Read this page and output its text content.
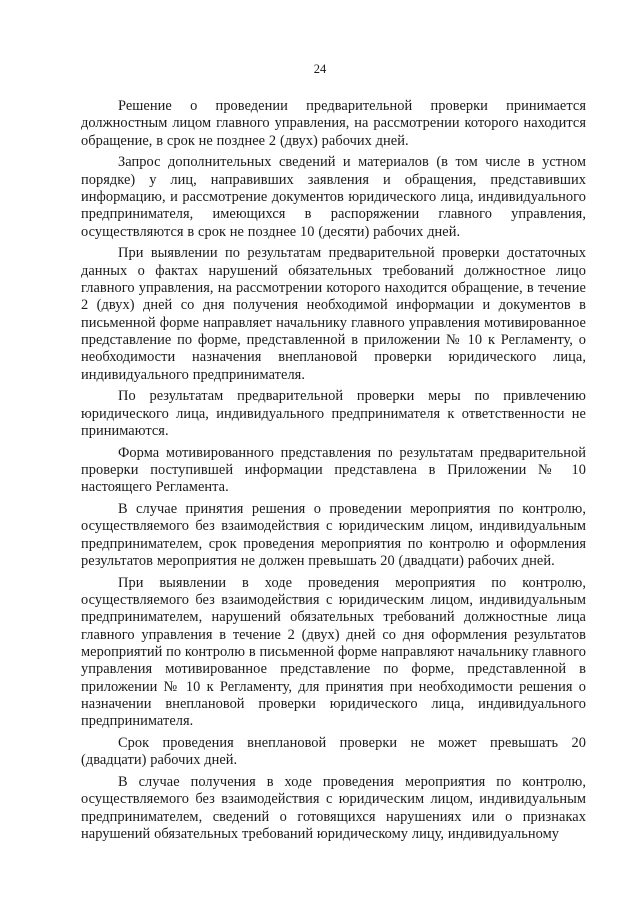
24

Решение о проведении предварительной проверки принимается должностным лицом главного управления, на рассмотрении которого находится обращение, в срок не позднее 2 (двух) рабочих дней.

Запрос дополнительных сведений и материалов (в том числе в устном порядке) у лиц, направивших заявления и обращения, представивших информацию, и рассмотрение документов юридического лица, индивидуального предпринимателя, имеющихся в распоряжении главного управления, осуществляются в срок не позднее 10 (десяти) рабочих дней.

При выявлении по результатам предварительной проверки достаточных данных о фактах нарушений обязательных требований должностное лицо главного управления, на рассмотрении которого находится обращение, в течение 2 (двух) дней со дня получения необходимой информации и документов в письменной форме направляет начальнику главного управления мотивированное представление по форме, представленной в приложении № 10 к Регламенту, о необходимости назначения внеплановой проверки юридического лица, индивидуального предпринимателя.

По результатам предварительной проверки меры по привлечению юридического лица, индивидуального предпринимателя к ответственности не принимаются.

Форма мотивированного представления по результатам предварительной проверки поступившей информации представлена в Приложении № 10 настоящего Регламента.

В случае принятия решения о проведении мероприятия по контролю, осуществляемого без взаимодействия с юридическим лицом, индивидуальным предпринимателем, срок проведения мероприятия по контролю и оформления результатов мероприятия не должен превышать 20 (двадцати) рабочих дней.

При выявлении в ходе проведения мероприятия по контролю, осуществляемого без взаимодействия с юридическим лицом, индивидуальным предпринимателем, нарушений обязательных требований должностные лица главного управления в течение 2 (двух) дней со дня оформления результатов мероприятий по контролю в письменной форме направляют начальнику главного управления мотивированное представление по форме, представленной в приложении № 10 к Регламенту, для принятия при необходимости решения о назначении внеплановой проверки юридического лица, индивидуального предпринимателя.

Срок проведения внеплановой проверки не может превышать 20 (двадцати) рабочих дней.

В случае получения в ходе проведения мероприятия по контролю, осуществляемого без взаимодействия с юридическим лицом, индивидуальным предпринимателем, сведений о готовящихся нарушениях или о признаках нарушений обязательных требований юридическому лицу, индивидуальному
